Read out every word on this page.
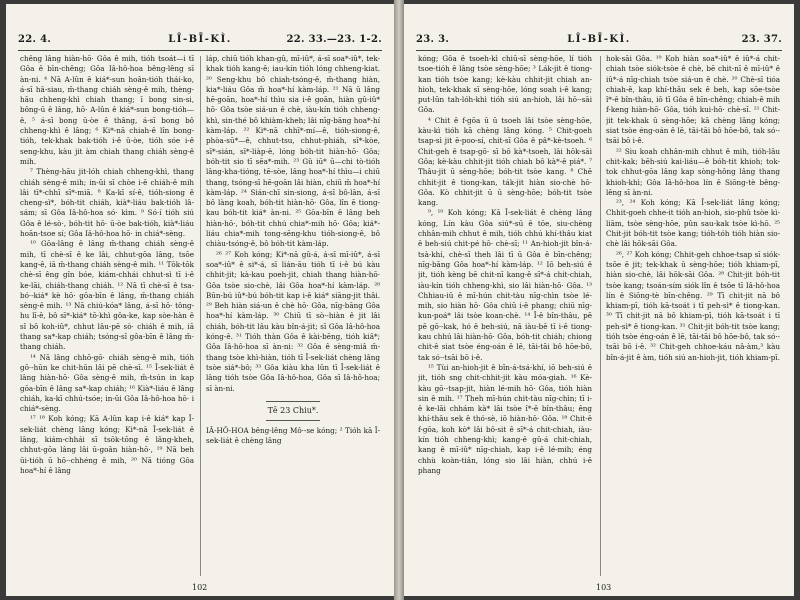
22. 4.	LÎ-BĪ-KÌ.	22. 33.—23. 1-2.

chêng lâng hiàn-hō· Gôa ê mih, tióh tsoát—i tī Gôa ê bīn-chêng; Gôa Iâ-hô-hoa bêng-lêng sī àn-ni. ⁴ Nā A-lûn ê kiá*-sun hoân-tióh thái-ko, á-sī hâ-siau, m̄-thang chiáh sèng-ê mih, thèng-hāu chheng-khì chiah thang; ī bong sin-si, bông-ū ê lâng, hō· A-lûn ê kiá*-sun bong-tióh—ê, ⁵ á-sī bong ū-òe ê thâng, á-sī bong bô chheng-khì ê lâng; ⁶ Ki*-nā chiah-ê lîn bong-tióh, tek-khak bak-tióh i-ê ū-òe, tióh sóe i-ê seng-khu, kàu jit àm chiah thang chiáh sèng-ê mih.

⁷ Thèng-hāu jit-lóh chiah chheng-khì, thang chiáh sèng-ê mih; in-ūi sī chòe i-ê chiáh-ê mih lâi tī*-chhī sī*-miā. ⁸ Ka-kī sí-ê, tióh-siong ê cheng-sì*, bóh-tit chiáh, kià*-liáu bak-tióh lâ-sám; sī Gôa Iâ-hô-hoa só· kìm. ⁹ Só·í tióh siú Gôa ê lé-sò·, bóh-tit hō· ū-òe bak-tióh, kià*-liáu hoān-tsoe sí; Gôa Iâ-hô-hoa hō· in chiá*-sèng.

¹⁰ Gōa-lâng ê lâng m̄-thang chiáh sèng-ê mih, tī chè-sī ê ke lâi, chhut-gōa lâng, tsōe kang-ê, iā m̄-thang chiáh sèng-ê mih. ¹¹ Tōk-tōk chè-sī êng gîn bóe, kiám-chhái chhut-sì tī i-ê ke-lāi, chiáh-thang chiáh. ¹² Nā tī chè-sī ê tsa-bó·-kiá* kè hō· gōa-bīn ê lâng, m̄-thang chiáh sèng-ê mih. ¹³ Nā chiú-kóa* lâng, á-sī hō· tông-hu lī-ê, bô sī*-kiá* tō·khì gôa-ke, kap sòe-hàn ê sî bô koh-iû*, chhut lâu-pē sò· chiáh ê mih, iā thang sa*-kap chiáh; tsóng-sī gôa-bīn ê lâng m̄-thang chiáh.

¹⁴ Nā lâng chhō-gō· chiáh sèng-ê mih, tióh gō·-hūn ke chit-hūn lâi pē chè-sī. ¹⁵ Î-sek-liát ê lâng hiàn-hō· Gôa sèng-ê mih, m̄-tsún in kap gōa-bīn ê lâng sa*-kap chiáh; ¹⁶ Kià*-liáu ê lâng chiáh, ka-kī chhú-tsóe; in-ūi Gôa Iâ-hô-hoa hō· i chiá*-sèng.

¹⁷ ¹⁸ Koh kóng; Kā A-lûn kap i-ê kiá* kap Î-sek-liát chèng lâng kóng; Ki*-nā Î-sek-liát ê lâng, kiám-chhái sī tsōk-tōng ê lâng-kheh, chhut-gōa lâng lâi ū-goân hiàn-hō·, ¹⁹ Nā beh ūi-tióh ū hō·-chhéng ê mih, ²⁰ Nā tióng Gôa hoa*-hí ê lâng

láp, chiū tióh khan-gû, mī-iû*, á-sī soa*-iû*, tek-khak tióh kang-ê; iau-kín tióh lóng chheng-kiat. ²⁰ Seng-khu bô chiah-tsóng-ê, m̄-thang hiàn, kia*-liáu Gôa m̄ hoa*-hí kàm-láp. ²¹ Nā ū lâng hē-goān, hoa*-hí thìu sia i-ê goān, hiàn gû-iû* hō· Gôa tsòe siá-un ê chè, iàu-kín tióh chheng-khì, sin-thé bô khiàm-kheh; lâi nīg-bāng hoa*-hí kàm-láp. ²² Ki*-nā chhī*-mí—ê, tióh-siong-ê, phòa-sū*—ê, chhut-tsu, chhut-phiáh, sī*-kòe, sī*-sián, sī*-liàp-ê, lóng bóh-tit hiàn-hō· Gôa; bóh-tit sio tī sēa*-mih. ²³ Gû iū* ū—chi tò-tióh lâng-kha-tióng, tē-sòe, lâng hoa*-hí thìu—i chiū thang, tsóng-sī hē-goān lâi hiàn, chiū m̄ hoa*-hí kàm-láp. ²⁴ Sián-chī sin-siong, á-sī bô-lān, á-sī bô làng koah, bóh-tit hiàn-hō· Gôa, lîn ē tiong-kau bóh-tit kiá* àn-ni. ²⁵ Gōa-bīn ê lâng beh hiàn-hō·, bóh-tit chhú chia*-mih hō· Gôa; kiá*-liáu chia*-mih tong-sēng-khu tióh-siong-ê, bô chiàu-tsóng-ê, bô bóh-tit kàm-láp.

²⁶ ²⁷ Koh kóng; Ki*-nā gû-á, á-sī mī-iû*, á-sī soa*-iû* ê si*-á, sī lián-āu tióh tī i-ê bú kàu chhit-jit; kà-kau poeh-jit, chiah thang hiàn-hō· Gôa tsòe sio-chè, lâi Gôa hoa*-hí kàm-láp. ²⁸ Būn-bú iû*-bú bóh-tit kap i-ê kiá* siāng-jit thâi. ²⁹ Beh hiàn siá-un ê chè hō· Gôa, nīg-bāng Gôa hoa*-hí kàm-láp. ³⁰ Chiū tī sò·-hiàn ê jit lâi chiáh, bóh-tit lâu kàu bîn-á-jit; sī Gôa Iâ-hô-hoa kóng-ê. ³¹ Tióh thàn Gôa ê kài-bēng, tióh kiâ*; Gôa Iâ-hô-hoa sī àn-ni: ³² Gôa ê sèng-miâ m̄-thang tsòe khì-hiàn, tióh tī Î-sek-liát chèng lâng tsòe siá*-bô; ³³ Gôa kiàu kha lûn tī Î-sek-liát ê lâng tióh tsòe Gôa Iâ-hô-hoa, Gôa sī Iâ-hô-hoa; sī àn-ni.

Tē 23 Chiu*.

IÂ-HÔ-HOA bêng-lêng Mô·-se kóng; ² Tióh kā Î-sek-liát ê chèng lâng

102
23. 3.	LÎ-BĪ-KÌ.	23. 37.

kóng; Gôa ê tsoeh-kì chiū-sī sèng-hōe, lí tióh tsoe-tióh ê lâng tsòe sèng-hōe; ³ Lák-jit ê tiong-kan tióh tsòe kang; kè-kàu chhit-jit chiah an-hioh, tek-khak sī sèng-hōe, lóng soah i-ê kang; put-lūn tah-lóh-khì tióh siú an-hioh, lâi hō·-sāi Gôa.

⁴ Chit ê f-gōa ū ū tsoeh lâi tsòe sèng-hōe, kàu-kì tióh kā chèng lâng kóng. ⁵ Chit-goeh tsap-sì jit ē-poo-sí, chit-sī Gôa ê pâ*-kè-tsoeh. ⁶ Chit-geh ê tsap-gō· sī bô kà*-tsoeh, lâi hōk-sāi Gôa; kè-kàu chhit-jit tióh chiah bô kà*-ê piá*. ⁷ Thâu-jit ū sèng-hōe; bóh-tit tsòe kang. ⁸ Chē chhit-jit ê tiong-kan, ták-jit hiàn sio-chè hō· Gôa. Kò chhit-jit ū ū sèng-hōe; bóh-tit tsòe kang.

⁹, ¹⁰ Koh kóng; Kā Î-sek-liát ê chèng lâng kóng, Lín kàu Gôa siú*-sū ê tōe, siu-chèng chhân-mih chhut ê mih, tióh chhú khí-thâu kiat ê beh-siú chit-pé hō· chè-sī; ¹¹ An-hioh-jit bîn-á-tsà-khí, chè-sī theh lâi tī ū Gôa ê bīn-chêng; nīg-bāng Gôa hoa*-hí kàm-láp. ¹² Iō beh-siú ê jit, tióh kèng bē chit-nī kang-ê sī*-á chit-chiah, iàu-kín tióh chheng-khì, sio lâi hiàn-hō· Gôa. ¹³ Chhiau-iû ê mī-hún chit-tàu nīg-chìn tsòe lé-mih, sio hiàn hō· Gôa chiū i-ê phang; chiū nīg-kun-poá* lâi tsòe koan-chè. ¹⁴ Î-ê bîn-thâu, pē pē gō·-kak, hó ê beh-siú, nā iàu-bē tī i-ê tiong-kau chhú lâi hiàn-hō· Gôa, bóh-tit chiáh; chiong chit-ê siat tsòe éng-oán ê lē, tāi-tāi bô hōe-bô, tak só·-tsāi bō i-ê.

¹⁵ Tùi an-hioh-jit ê bîn-á-tsá-khí, iō beh-siú ê jit, tióh sng chit-chhit-jit kàu móa-giah. ¹⁶ Kè-kàu gō·-tsap-jit, hiàn lé-mih hō· Gôa, tióh hiàn sin ê mih. ¹⁷ Theh mī-hún chit-tàu nīg-chìn; tī i-ê ke-lāi chhám kà* lâi tsòe î*-ê bîn-thâu; êng khí-thâu sek ê thó-sè, iō hiàn-hō· Gôa. ¹⁸ Chit-ê f-gōa, koh kò* lâi bô-sit ê sī*-á chit-chiah, iàu-kín tióh chheng-khì; kang-ê gû-á chit-chiah, kang ê mī-iû* nīg-chiah, kap i-ê lé-mih; éng chhù koàn-tiân, lóng sio lâi hiàn, chhú i-ê phang

hok-sāi Gôa. ¹⁹ Koh hiàn soa*-iû* ê iû*-á chit-chiah tsòe siók-tsòe ê chè, bē chit-nī ê mī-iû* ê iû*-á nīg-chiah tsòe siá-un ê chè. ²⁰ Chè-sī tióa chiah-ê, kap khí-thâu sek ê beh, kap sōe-tsòe î*-ê bîn-thâu, iō tī Gôa ê bīn-chêng; chiah-ê mih f-keng hiàn-hō· Gôa, tióh kui-hō· chè-sī. ²¹ Chit-jit tek-khak ū sèng-hōe; kā chèng lâng kóng; siat tsòe éng-oán ê lē, tāi-tāi bô hōe-bô, tak só·-tsāi bō i-ê.

²² Siu koah chhân-mih chhut ê mih, tióh-lâu chit-kak; bēh-siú kai-liáu—ê bóh-tit khioh; tok-tok chhut-gōa lâng kap sòng-hông lâng thang khioh-khì; Gôa Iâ-hô-hoa lín ê Siōng-tè bêng-lêng sī àn-ni.

²³, ²⁴ Koh kóng; Kā Î-sek-liát lâng kóng; Chhit-goeh chhe-it tióh an-hioh, sio-phû tsòe kì-liām, tsòe sèng-hōe, pûn sau-kak tsòe kì-hō. ²⁵ Chit-jit bóh-tit tsòe kang; tióh-tóh tióh hiàn sio-chè lâi hōk-sāi Gôa.

²⁶, ²⁷ Koh kóng; Chhit-geh chhoe-tsap sī siók-tsōe ê jit; tek-khak ū sèng-hōe; tióh khiam-pī, hiàn sio-chè, lâi hōk-sāi Gôa. ²⁸ Chit-jit bóh-tit tsòe kang; tsoán-sím siók lîn ê tsōe tī Iâ-hô-hoa lín ê Siōng-tè bīn-chêng. ²⁹ Tī chit-jit nā bô khiam-pī, tióh kā-tsoát i tī peh-sì* ê tiong-kan. ³⁰ Tī chit-jit nā bô khiam-pī, tióh kā-tsoát i tī peh-sì* ê tiong-kan. ³¹ Chit-jit bóh-tit tsòe kang; tióh tsòe éng-oán ê lē, tāi-tāi bô hōe-bô, tak só·-tsāi bō i-ê. ³² Chit-geh chhoe-káu nâ-àm,³ kàu bîn-á-jit ê àm, tióh siú an-hioh-jit, tióh khiam-pī.

103
